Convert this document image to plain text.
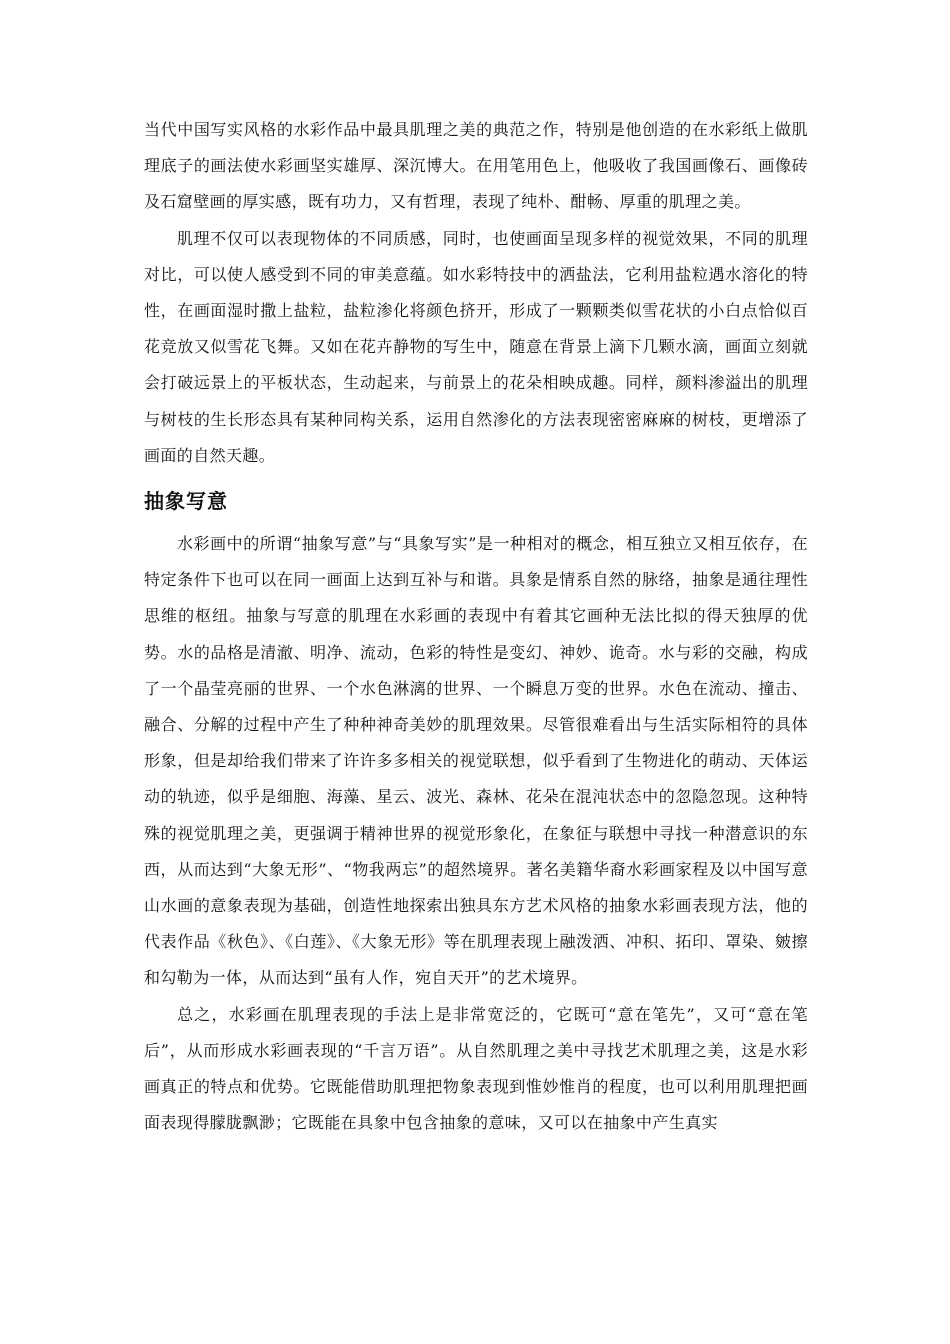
当代中国写实风格的水彩作品中最具肌理之美的典范之作，特别是他创造的在水彩纸上做肌理底子的画法使水彩画坚实雄厚、深沉博大。在用笔用色上，他吸收了我国画像石、画像砖及石窟壁画的厚实感，既有功力，又有哲理，表现了纯朴、酣畅、厚重的肌理之美。

肌理不仅可以表现物体的不同质感，同时，也使画面呈现多样的视觉效果，不同的肌理对比，可以使人感受到不同的审美意蕴。如水彩特技中的洒盐法，它利用盐粒遇水溶化的特性，在画面湿时撒上盐粒，盐粒渗化将颜色挤开，形成了一颗颗类似雪花状的小白点恰似百花竞放又似雪花飞舞。又如在花卉静物的写生中，随意在背景上滴下几颗水滴，画面立刻就会打破远景上的平板状态，生动起来，与前景上的花朵相映成趣。同样，颜料渗溢出的肌理与树枝的生长形态具有某种同构关系，运用自然渗化的方法表现密密麻麻的树枝，更增添了画面的自然天趣。

抽象写意

水彩画中的所谓“抽象写意”与“具象写实”是一种相对的概念，相互独立又相互依存，在特定条件下也可以在同一画面上达到互补与和谐。具象是情系自然的脉络，抽象是通往理性思维的枢纽。抽象与写意的肌理在水彩画的表现中有着其它画种无法比拟的得天独厚的优势。水的品格是清澈、明净、流动，色彩的特性是变幻、神妙、诡奇。水与彩的交融，构成了一个晶莹亮丽的世界、一个水色淋漓的世界、一个瞬息万变的世界。水色在流动、撞击、融合、分解的过程中产生了种种神奇美妙的肌理效果。尽管很难看出与生活实际相符的具体形象，但是却给我们带来了许许多多相关的视觉联想，似乎看到了生物进化的萌动、天体运动的轨迹，似乎是细胞、海藻、星云、波光、森林、花朵在混沌状态中的忽隐忽现。这种特殊的视觉肌理之美，更强调于精神世界的视觉形象化，在象征与联想中寻找一种潜意识的东西，从而达到“大象无形”、“物我两忘”的超然境界。著名美籍华裔水彩画家程及以中国写意山水画的意象表现为基础，创造性地探索出独具东方艺术风格的抽象水彩画表现方法，他的代表作品《秋色》、《白莲》、《大象无形》等在肌理表现上融泼洒、冲积、拓印、罩染、皴擦和勾勒为一体，从而达到“虽有人作，宛自天开”的艺术境界。

总之，水彩画在肌理表现的手法上是非常宽泛的，它既可“意在笔先”，又可“意在笔后”，从而形成水彩画表现的“千言万语”。从自然肌理之美中寻找艺术肌理之美，这是水彩画真正的特点和优势。它既能借助肌理把物象表现到惟妙惟肖的程度，也可以利用肌理把画面表现得朦胧飘渺；它既能在具象中包含抽象的意味，又可以在抽象中产生真实
